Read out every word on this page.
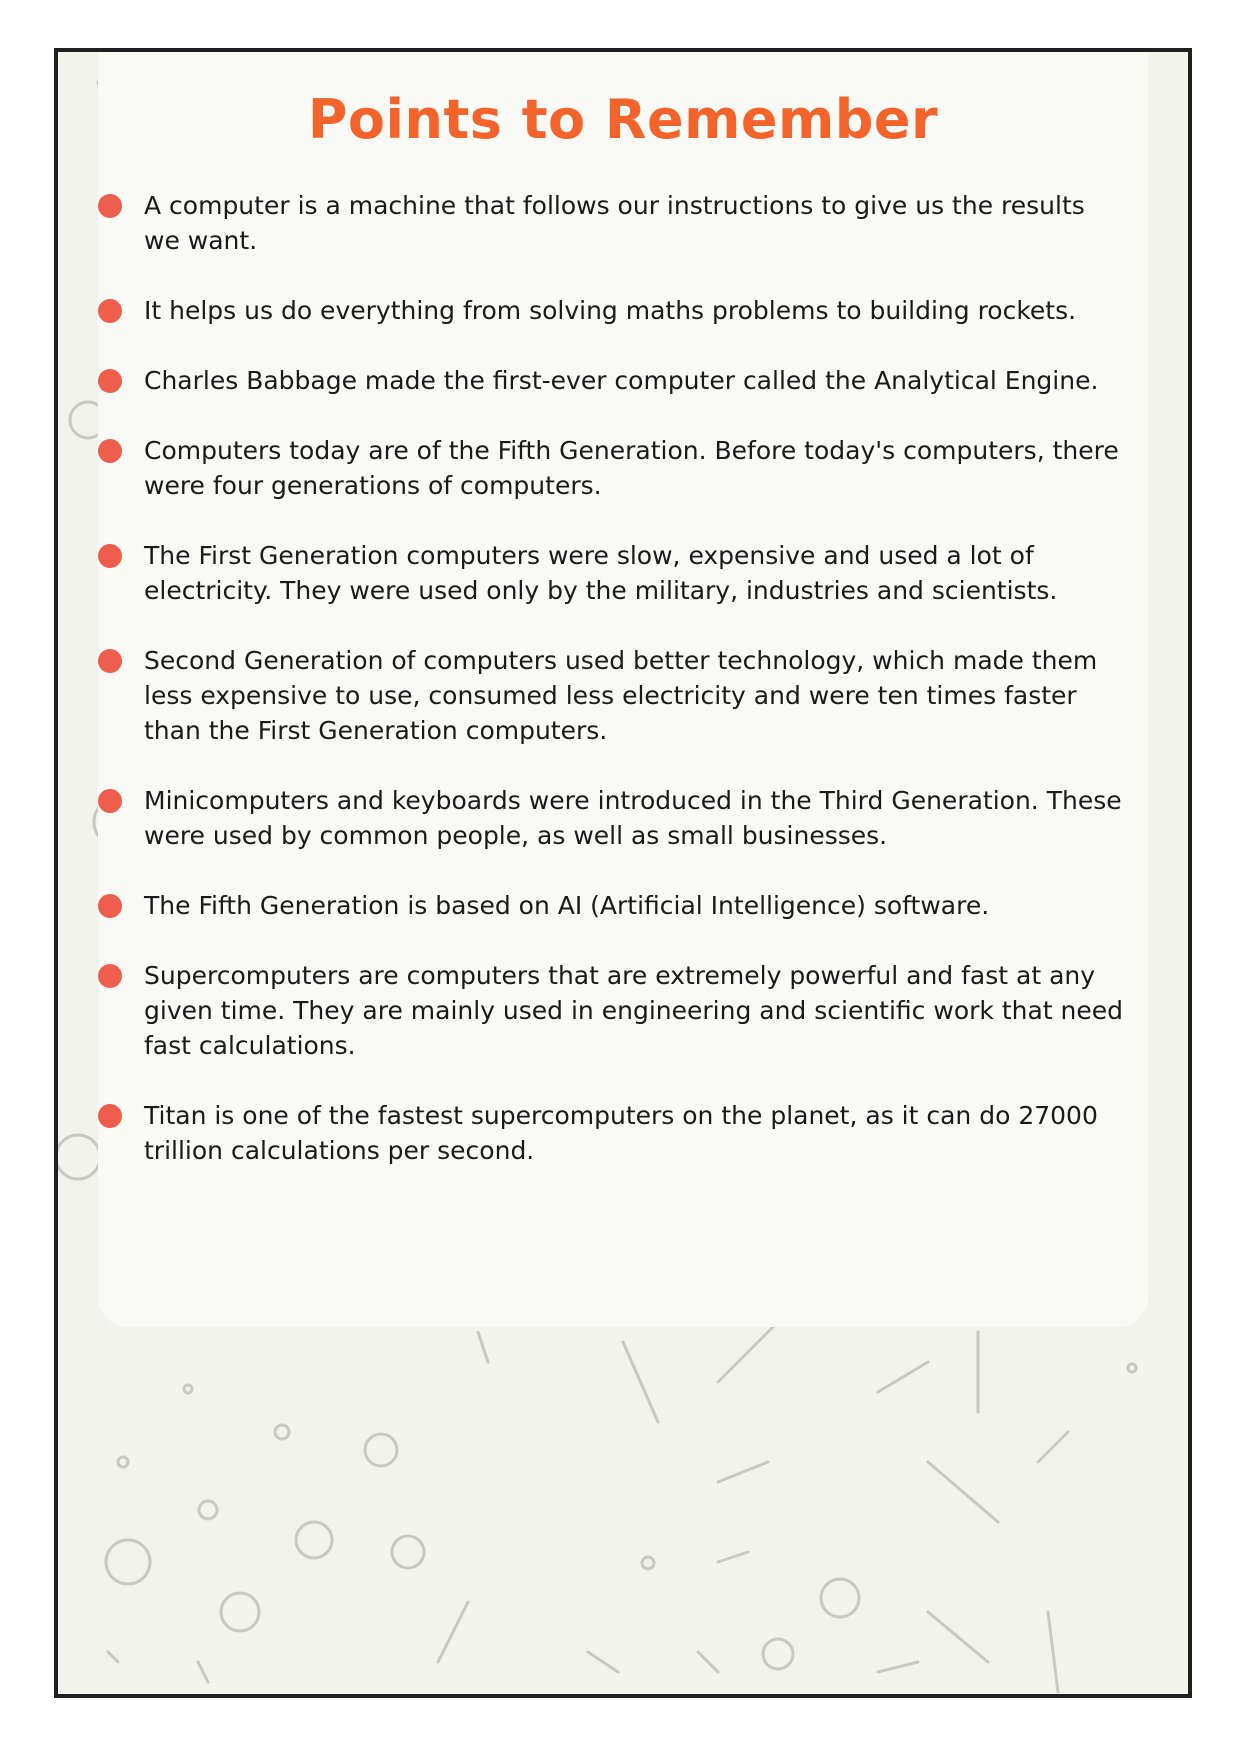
Points to Remember
A computer is a machine that follows our instructions to give us the results we want.
It helps us do everything from solving maths problems to building rockets.
Charles Babbage made the first-ever computer called the Analytical Engine.
Computers today are of the Fifth Generation. Before today's computers, there were four generations of computers.
The First Generation computers were slow, expensive and used a lot of electricity. They were used only by the military, industries and scientists.
Second Generation of computers used better technology, which made them less expensive to use, consumed less electricity and were ten times faster than the First Generation computers.
Minicomputers and keyboards were introduced in the Third Generation. These were used by common people, as well as small businesses.
The Fifth Generation is based on AI (Artificial Intelligence) software.
Supercomputers are computers that are extremely powerful and fast at any given time. They are mainly used in engineering and scientific work that need fast calculations.
Titan is one of the fastest supercomputers on the planet, as it can do 27000 trillion calculations per second.
